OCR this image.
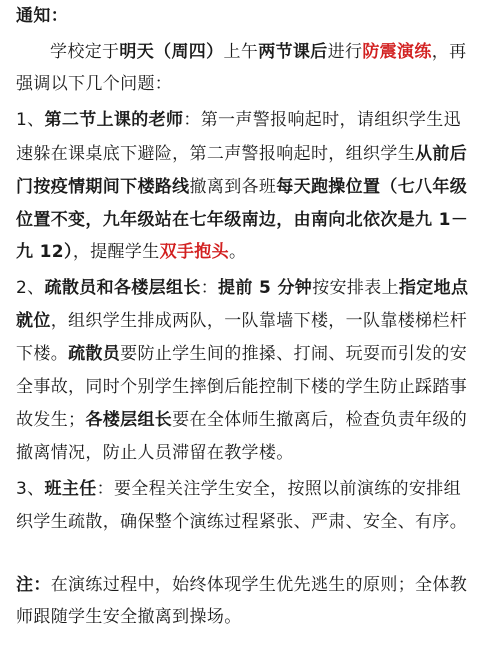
通知：
学校定于明天（周四）上午两节课后进行防震演练，再
强调以下几个问题：
1、第二节上课的老师：第一声警报响起时，请组织学生迅
速躲在课桌底下避险，第二声警报响起时，组织学生从前后
门按疫情期间下楼路线撤离到各班每天跑操位置（七八年级
位置不变，九年级站在七年级南边，由南向北依次是九 1－
九 12），提醒学生双手抱头。
2、疏散员和各楼层组长：提前 5 分钟按安排表上指定地点
就位，组织学生排成两队，一队靠墙下楼，一队靠楼梯栏杆
下楼。疏散员要防止学生间的推搡、打闹、玩耍而引发的安
全事故，同时个别学生摔倒后能控制下楼的学生防止踩踏事
故发生；各楼层组长要在全体师生撤离后，检查负责年级的
撤离情况，防止人员滞留在教学楼。
3、班主任：要全程关注学生安全，按照以前演练的安排组
织学生疏散，确保整个演练过程紧张、严肃、安全、有序。
注：在演练过程中，始终体现学生优先逃生的原则；全体教
师跟随学生安全撤离到操场。
